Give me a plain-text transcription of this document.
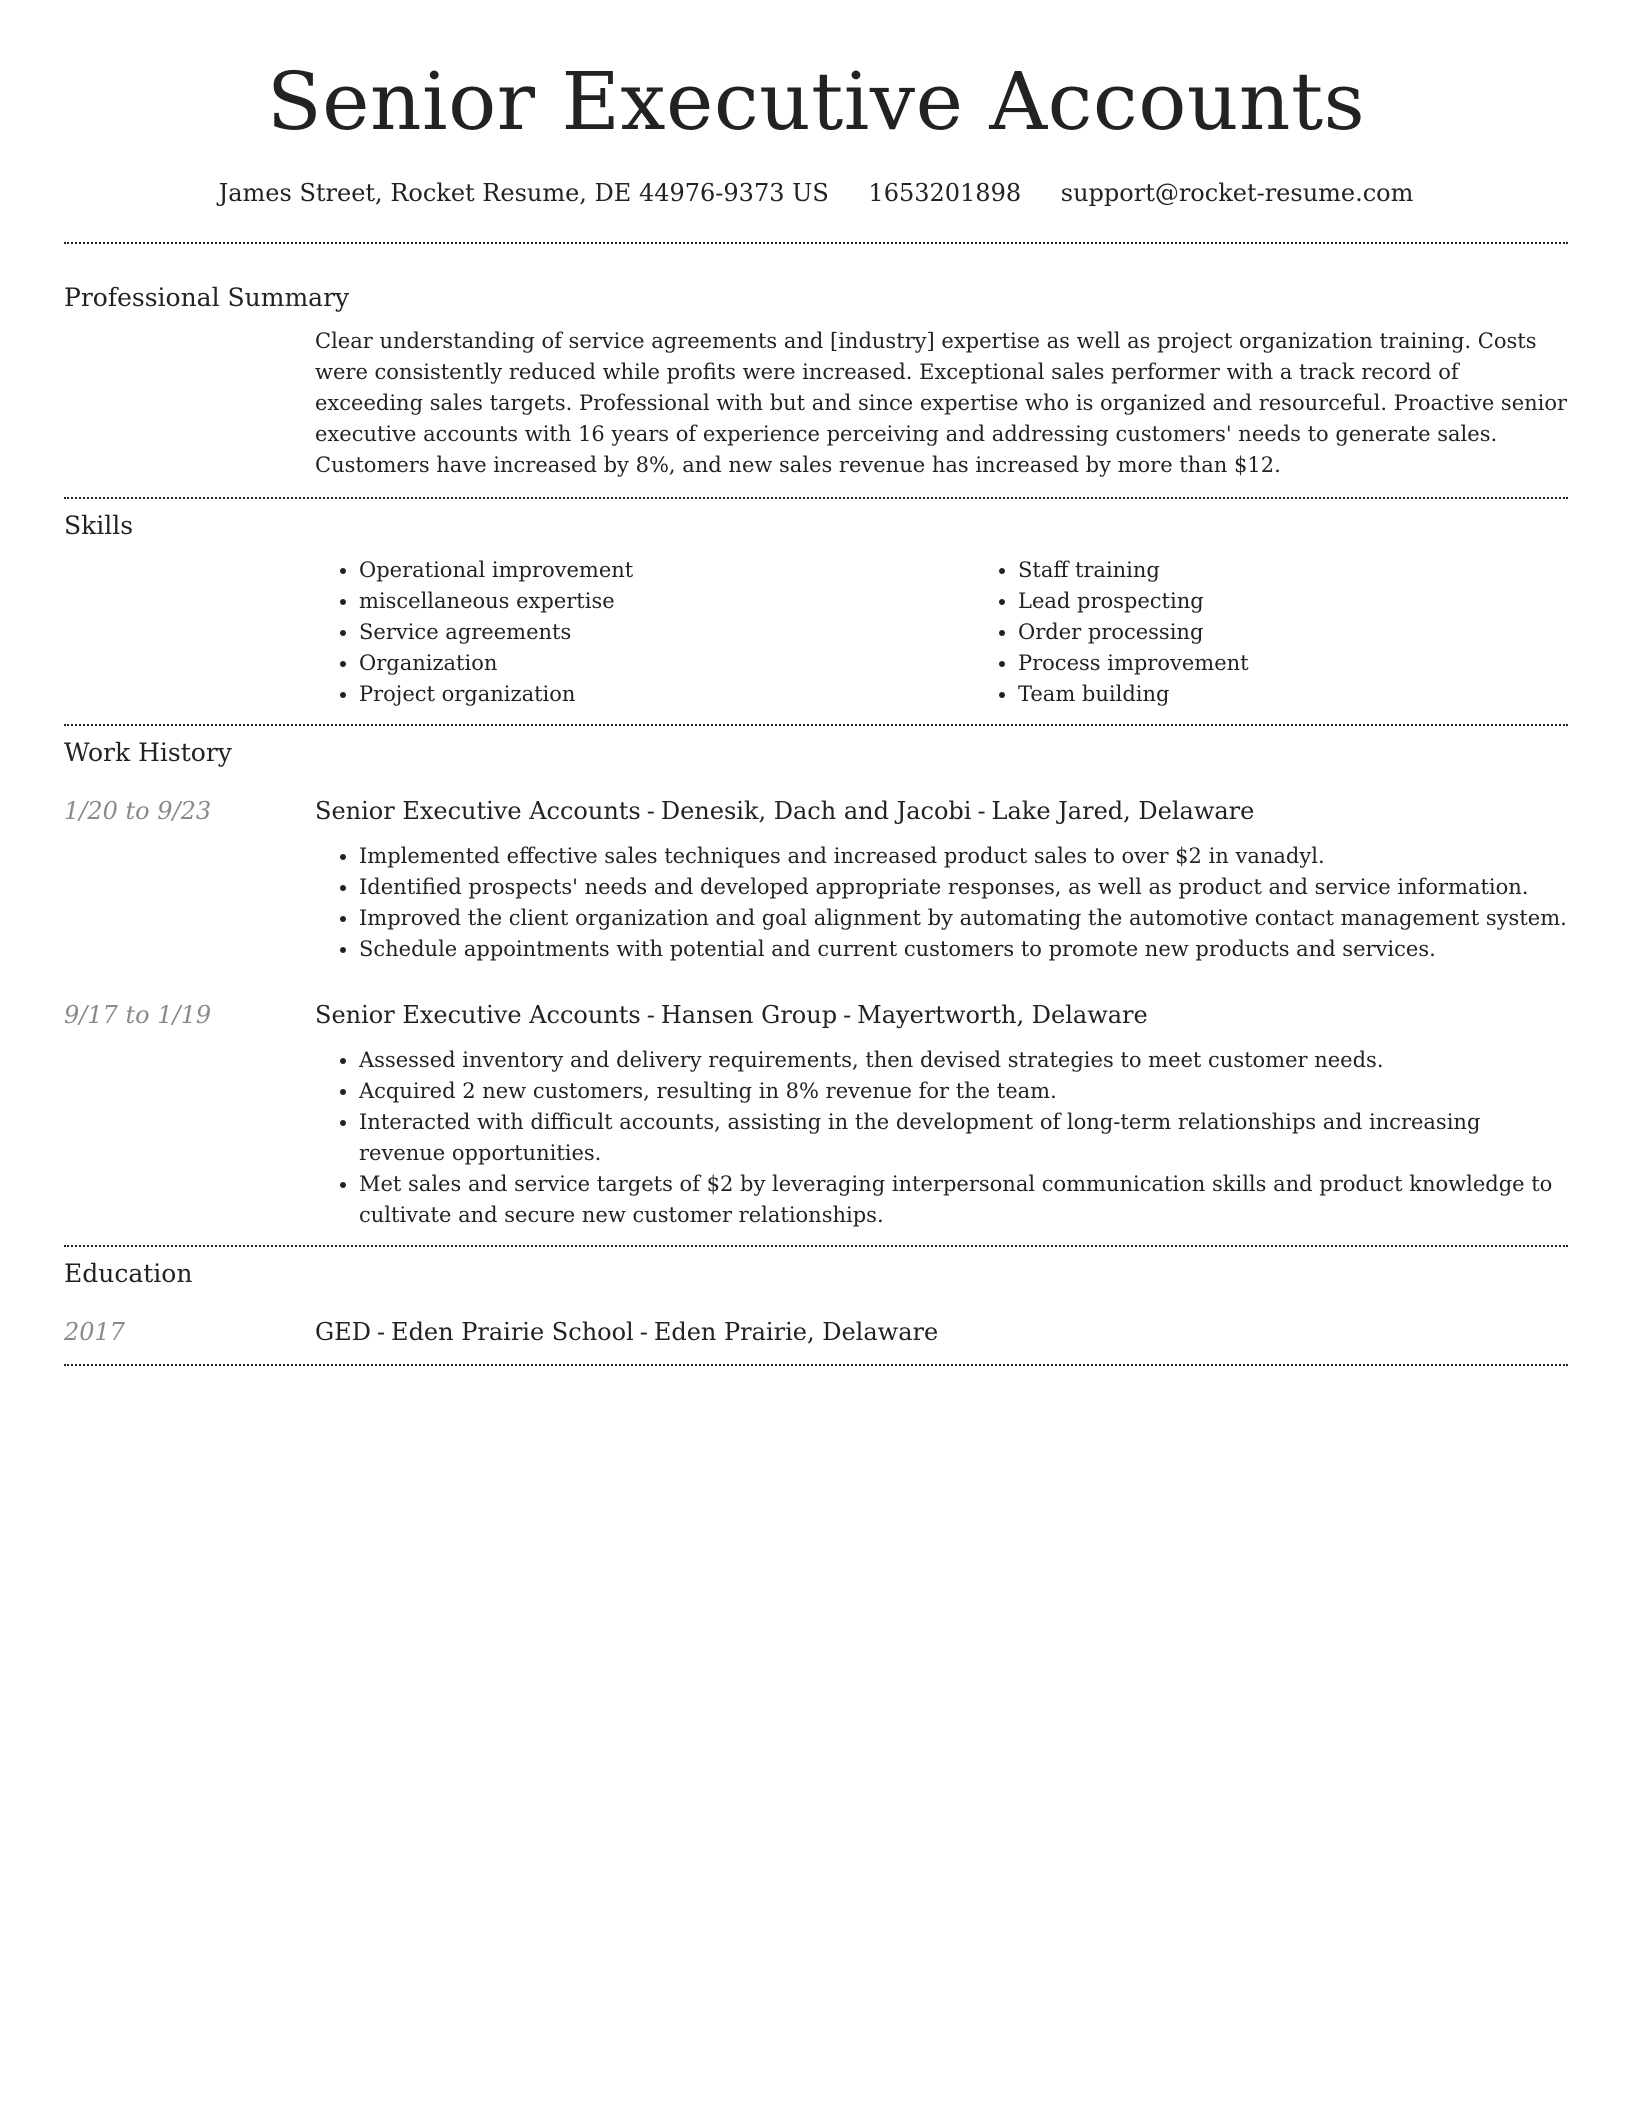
Senior Executive Accounts
James Street, Rocket Resume, DE 44976-9373 US 1653201898 support@rocket-resume.com
Professional Summary

Clear understanding of service agreements and [industry] expertise as well as project organization training. Costs were consistently reduced while profits were increased. Exceptional sales performer with a track record of exceeding sales targets. Professional with but and since expertise who is organized and resourceful. Proactive senior executive accounts with 16 years of experience perceiving and addressing customers' needs to generate sales. Customers have increased by 8%, and new sales revenue has increased by more than $12.

Skills
• Operational improvement
• miscellaneous expertise
• Service agreements
• Organization
• Project organization
• Staff training
• Lead prospecting
• Order processing
• Process improvement
• Team building
Work History
1/20 to 9/23	Senior Executive Accounts - Denesik, Dach and Jacobi - Lake Jared, Delaware
• Implemented effective sales techniques and increased product sales to over $2 in vanadyl.
• Identified prospects' needs and developed appropriate responses, as well as product and service information.
• Improved the client organization and goal alignment by automating the automotive contact management system.
• Schedule appointments with potential and current customers to promote new products and services.
9/17 to 1/19	Senior Executive Accounts - Hansen Group - Mayertworth, Delaware
• Assessed inventory and delivery requirements, then devised strategies to meet customer needs.
• Acquired 2 new customers, resulting in 8% revenue for the team.
• Interacted with difficult accounts, assisting in the development of long-term relationships and increasing revenue opportunities.
• Met sales and service targets of $2 by leveraging interpersonal communication skills and product knowledge to cultivate and secure new customer relationships.
Education
2017	GED - Eden Prairie School - Eden Prairie, Delaware
